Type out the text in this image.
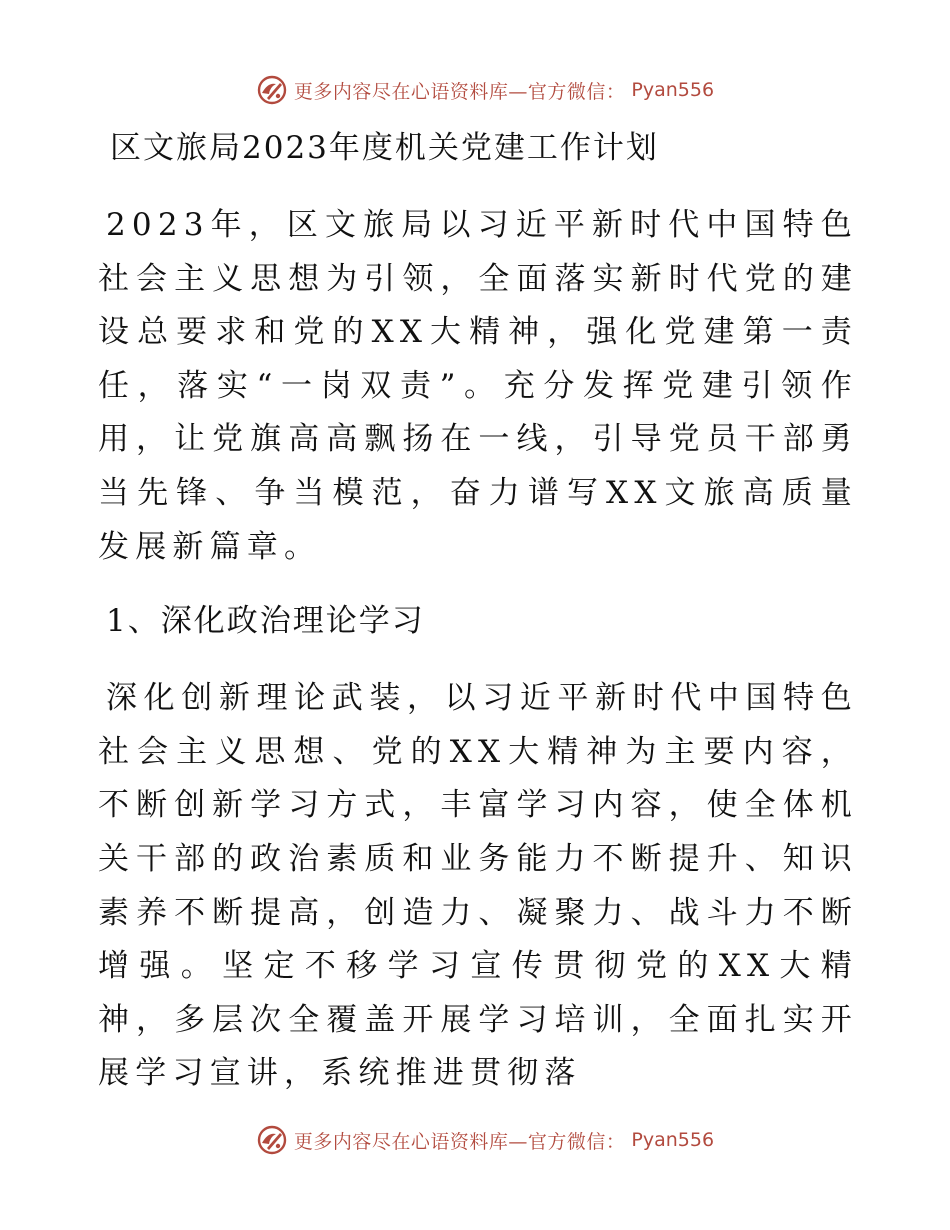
更多内容尽在心语资料库—官方微信： Pyan556
区文旅局2023年度机关党建工作计划

2023年，区文旅局以习近平新时代中国特色社会主义思想为引领，全面落实新时代党的建设总要求和党的XX大精神，强化党建第一责任，落实“一岗双责”。充分发挥党建引领作用，让党旗高高飘扬在一线，引导党员干部勇当先锋、争当模范，奋力谱写XX文旅高质量发展新篇章。

1、深化政治理论学习

深化创新理论武装，以习近平新时代中国特色社会主义思想、党的XX大精神为主要内容，不断创新学习方式，丰富学习内容，使全体机关干部的政治素质和业务能力不断提升、知识素养不断提高，创造力、凝聚力、战斗力不断增强。坚定不移学习宣传贯彻党的XX大精神，多层次全覆盖开展学习培训，全面扎实开展学习宣讲，系统推进贯彻落

更多内容尽在心语资料库—官方微信： Pyan556
